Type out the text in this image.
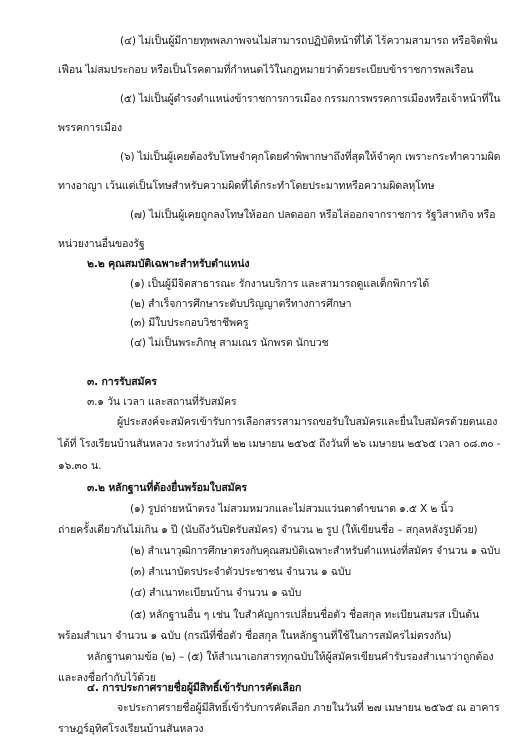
(๔) ไม่เป็นผู้มีกายทุพพลภาพจนไม่สามารถปฏิบัติหน้าที่ได้ ไร้ความสามารถ หรือจิตฟั่น
เฟือน ไม่สมประกอบ หรือเป็นโรคตามที่กำหนดไว้ในกฎหมายว่าด้วยระเบียบข้าราชการพลเรือน
(๕) ไม่เป็นผู้ดำรงตำแหน่งข้าราชการการเมือง กรรมการพรรคการเมืองหรือเจ้าหน้าที่ใน
พรรคการเมือง
(๖) ไม่เป็นผู้เคยต้องรับโทษจำคุกโดยคำพิพากษาถึงที่สุดให้จำคุก เพราะกระทำความผิด
ทางอาญา เว้นแต่เป็นโทษสำหรับความผิดที่ได้กระทำโดยประมาทหรือความผิดลหุโทษ
(๗) ไม่เป็นผู้เคยถูกลงโทษให้ออก ปลดออก หรือไล่ออกจากราชการ รัฐวิสาหกิจ หรือ
หน่วยงานอื่นของรัฐ
๒.๒ คุณสมบัติเฉพาะสำหรับตำแหน่ง
(๑) เป็นผู้มีจิตสาธารณะ รักงานบริการ และสามารถดูแลเด็กพิการได้
(๒) สำเร็จการศึกษาระดับปริญญาตรีทางการศึกษา
(๓) มีใบประกอบวิชาชีพครู
(๔) ไม่เป็นพระภิกษุ สามเณร นักพรต นักบวช
๓. การรับสมัคร
๓.๑ วัน เวลา และสถานที่รับสมัคร
ผู้ประสงค์จะสมัครเข้ารับการเลือกสรรสามารถขอรับใบสมัครและยื่นใบสมัครด้วยตนเอง
ได้ที่ โรงเรียนบ้านสันหลวง ระหว่างวันที่ ๒๒ เมษายน ๒๕๖๕ ถึงวันที่ ๒๖ เมษายน ๒๕๖๕ เวลา ๐๘.๓๐ -
๑๖.๓๐ น.
๓.๒ หลักฐานที่ต้องยื่นพร้อมใบสมัคร
(๑) รูปถ่ายหน้าตรง ไม่สวมหมวกและไม่สวมแว่นตาดำขนาด ๑.๕ X ๒ นิ้ว
ถ่ายครั้งเดียวกันไม่เกิน ๑ ปี (นับถึงวันปิดรับสมัคร) จำนวน ๒ รูป (ให้เขียนชื่อ – สกุลหลังรูปด้วย)
(๒) สำเนาวุฒิการศึกษาตรงกับคุณสมบัติเฉพาะสำหรับตำแหน่งที่สมัคร จำนวน ๑ ฉบับ
(๓) สำเนาบัตรประจำตัวประชาชน จำนวน ๑ ฉบับ
(๔) สำเนาทะเบียนบ้าน จำนวน ๑ ฉบับ
(๕) หลักฐานอื่น ๆ เช่น ใบสำคัญการเปลี่ยนชื่อตัว ชื่อสกุล ทะเบียนสมรส เป็นต้น
พร้อมสำเนา จำนวน ๑ ฉบับ (กรณีที่ชื่อตัว ชื่อสกุล ในหลักฐานที่ใช้ในการสมัครไม่ตรงกัน)
หลักฐานตามข้อ (๒) – (๕) ให้สำเนาเอกสารทุกฉบับให้ผู้สมัครเขียนคำรับรองสำเนาว่าถูกต้อง
และลงชื่อกำกับไว้ด้วย
๔. การประกาศรายชื่อผู้มีสิทธิ์เข้ารับการคัดเลือก
จะประกาศรายชื่อผู้มีสิทธิ์เข้ารับการคัดเลือก ภายในวันที่ ๒๗ เมษายน ๒๕๖๕ ณ อาคาร
ราษฎร์อุทิศโรงเรียนบ้านสันหลวง
